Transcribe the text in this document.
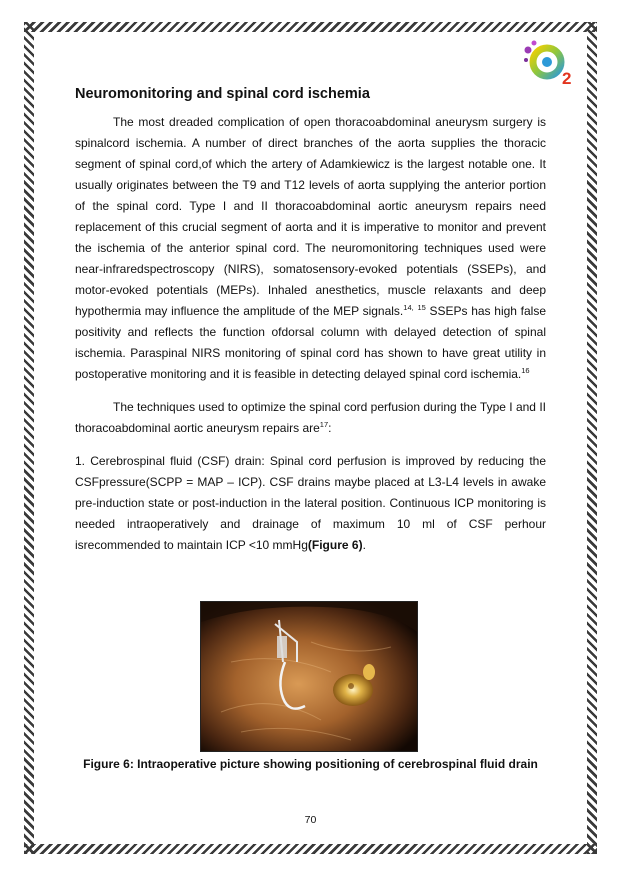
2
Neuromonitoring and spinal cord ischemia

The most dreaded complication of open thoracoabdominal aneurysm surgery is spinalcord ischemia. A number of direct branches of the aorta supplies the thoracic segment of spinal cord,of which the artery of Adamkiewicz is the largest notable one. It usually originates between the T9 and T12 levels of aorta supplying the anterior portion of the spinal cord. Type I and II thoracoabdominal aortic aneurysm repairs need replacement of this crucial segment of aorta and it is imperative to monitor and prevent the ischemia of the anterior spinal cord. The neuromonitoring techniques used were near-infraredspectroscopy (NIRS), somatosensory-evoked potentials (SSEPs), and motor-evoked potentials (MEPs). Inhaled anesthetics, muscle relaxants and deep hypothermia may influence the amplitude of the MEP signals.$^{14,}$ $^{15}$ SSEPs has high false positivity and reflects the function ofdorsal column with delayed detection of spinal ischemia. Paraspinal NIRS monitoring of spinal cord has shown to have great utility in postoperative monitoring and it is feasible in detecting delayed spinal cord ischemia.$^{16}$

The techniques used to optimize the spinal cord perfusion during the Type I and II thoracoabdominal aortic aneurysm repairs are$^{17}$:

1. Cerebrospinal fluid (CSF) drain: Spinal cord perfusion is improved by reducing the CSFpressure(SCPP = MAP – ICP). CSF drains maybe placed at L3-L4 levels in awake pre-induction state or post-induction in the lateral position. Continuous ICP monitoring is needed intraoperatively and drainage of maximum 10 ml of CSF perhour isrecommended to maintain ICP <10 mmHg(Figure 6).

Figure 6: Intraoperative picture showing positioning of cerebrospinal fluid drain
70
